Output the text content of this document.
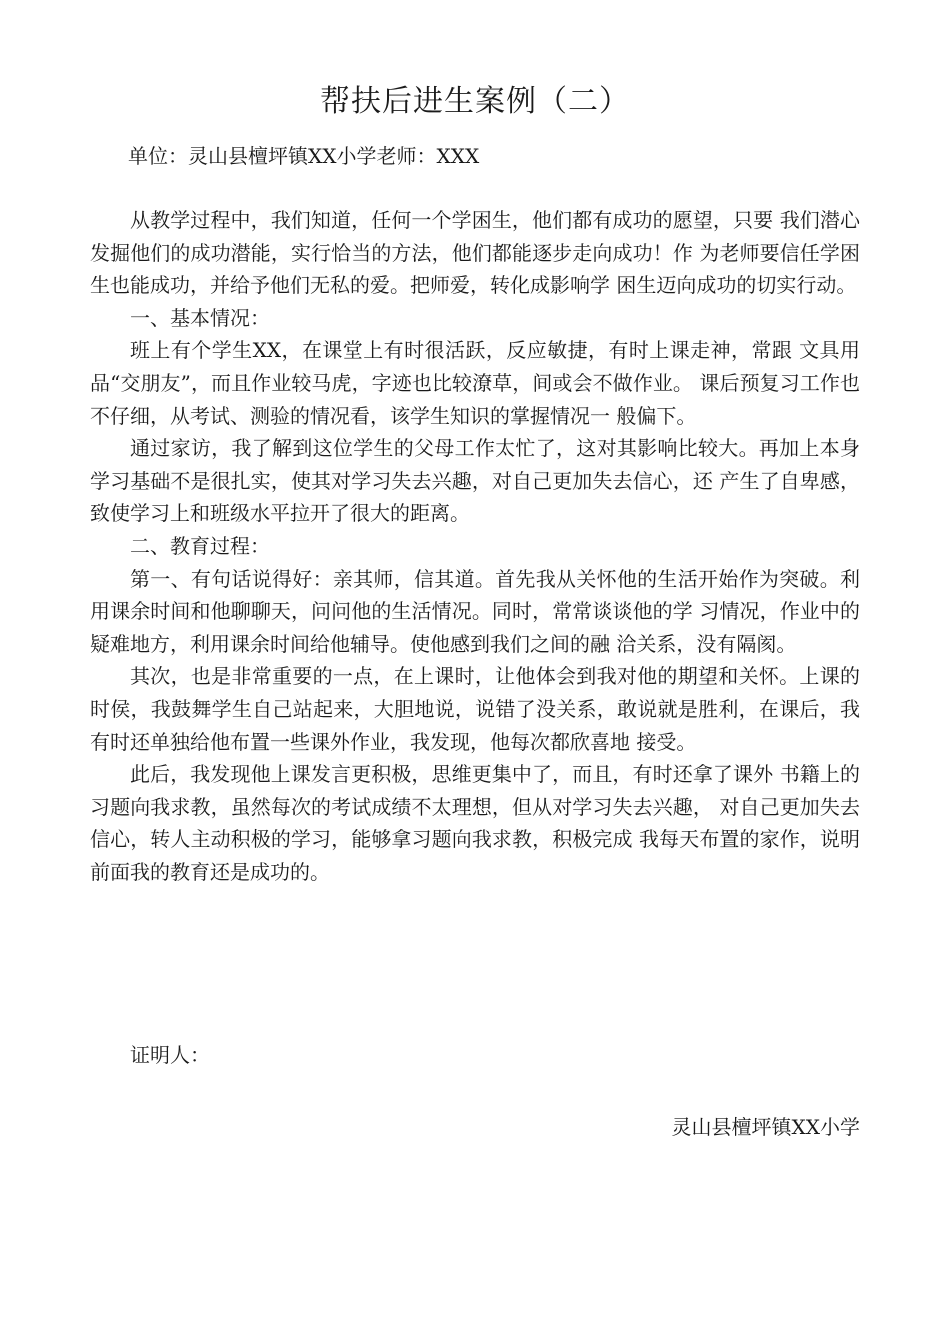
帮扶后进生案例（二）
单位：灵山县檀坪镇XX小学老师：XXX

从教学过程中，我们知道，任何一个学困生，他们都有成功的愿望，只要 我们潜心发掘他们的成功潜能，实行恰当的方法，他们都能逐步走向成功！作 为老师要信任学困生也能成功，并给予他们无私的爱。把师爱，转化成影响学 困生迈向成功的切实行动。

一、基本情况：

班上有个学生XX，在课堂上有时很活跃，反应敏捷，有时上课走神，常跟 文具用品“交朋友”，而且作业较马虎，字迹也比较潦草，间或会不做作业。 课后预复习工作也不仔细，从考试、测验的情况看，该学生知识的掌握情况一 般偏下。

通过家访，我了解到这位学生的父母工作太忙了，这对其影响比较大。再加上本身学习基础不是很扎实，使其对学习失去兴趣，对自己更加失去信心，还 产生了自卑感，致使学习上和班级水平拉开了很大的距离。

二、教育过程：

第一、有句话说得好：亲其师，信其道。首先我从关怀他的生活开始作为突破。利用课余时间和他聊聊天，问问他的生活情况。同时，常常谈谈他的学 习情况，作业中的疑难地方，利用课余时间给他辅导。使他感到我们之间的融 洽关系，没有隔阂。

其次，也是非常重要的一点，在上课时，让他体会到我对他的期望和关怀。上课的时侯，我鼓舞学生自己站起来，大胆地说，说错了没关系，敢说就是胜利，在课后，我有时还单独给他布置一些课外作业，我发现，他每次都欣喜地 接受。

此后，我发现他上课发言更积极，思维更集中了，而且，有时还拿了课外 书籍上的习题向我求教，虽然每次的考试成绩不太理想，但从对学习失去兴趣， 对自己更加失去信心，转人主动积极的学习，能够拿习题向我求教，积极完成 我每天布置的家作，说明前面我的教育还是成功的。

证明人：
灵山县檀坪镇XX小学
